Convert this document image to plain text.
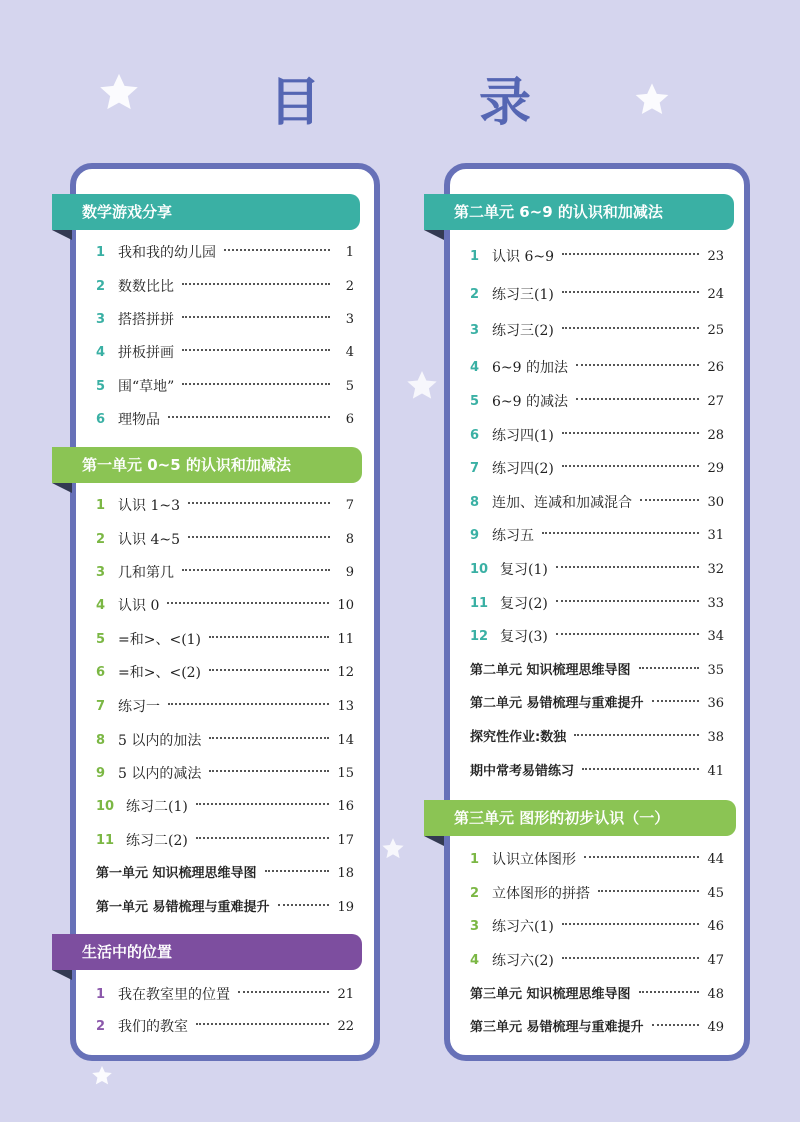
目 录
数学游戏分享
1 我和我的幼儿园	1
2 数数比比	2
3 搭搭拼拼	3
4 拼板拼画	4
5 围“草地”	5
6 理物品	6
第一单元 0~5 的认识和加减法
1 认识 1~3	7
2 认识 4~5	8
3 几和第几	9
4 认识 0	10
5 =和>、<(1)	11
6 =和>、<(2)	12
7 练习一	13
8 5 以内的加法	14
9 5 以内的减法	15
10 练习二(1)	16
11 练习二(2)	17
第一单元 知识梳理思维导图	18
第一单元 易错梳理与重难提升	19
生活中的位置
1 我在教室里的位置	21
2 我们的教室	22
第二单元 6~9 的认识和加减法
1 认识 6~9	23
2 练习三(1)	24
3 练习三(2)	25
4 6~9 的加法	26
5 6~9 的减法	27
6 练习四(1)	28
7 练习四(2)	29
8 连加、连减和加减混合	30
9 练习五	31
10 复习(1)	32
11 复习(2)	33
12 复习(3)	34
第二单元 知识梳理思维导图	35
第二单元 易错梳理与重难提升	36
探究性作业:数独	38
期中常考易错练习	41
第三单元 图形的初步认识（一）
1 认识立体图形	44
2 立体图形的拼搭	45
3 练习六(1)	46
4 练习六(2)	47
第三单元 知识梳理思维导图	48
第三单元 易错梳理与重难提升	49
